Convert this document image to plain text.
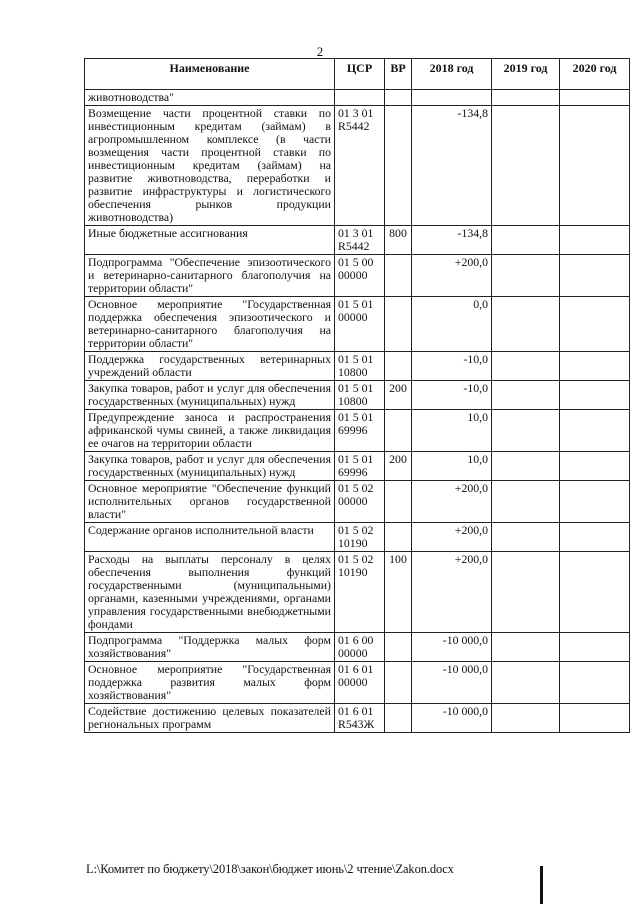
2
Наименование	ЦСР	ВР	2018 год	2019 год	2020 год
животноводства"					
Возмещение части процентной ставки по инвестиционным кредитам (займам) в агропромышленном комплексе (в части возмещения части процентной ставки по инвестиционным кредитам (займам) на развитие животноводства, переработки и развитие инфраструктуры и логистического обеспечения рынков продукции животноводства)	01 3 01 R5442		-134,8		
Иные бюджетные ассигнования	01 3 01 R5442	800	-134,8		
Подпрограмма "Обеспечение эпизоотического и ветеринарно-санитарного благополучия на территории области"	01 5 00 00000		+200,0		
Основное мероприятие "Государственная поддержка обеспечения эпизоотического и ветеринарно-санитарного благополучия на территории области"	01 5 01 00000		0,0		
Поддержка государственных ветеринарных учреждений области	01 5 01 10800		-10,0		
Закупка товаров, работ и услуг для обеспечения государственных (муниципальных) нужд	01 5 01 10800	200	-10,0		
Предупреждение заноса и распространения африканской чумы свиней, а также ликвидация ее очагов на территории области	01 5 01 69996		10,0		
Закупка товаров, работ и услуг для обеспечения государственных (муниципальных) нужд	01 5 01 69996	200	10,0		
Основное мероприятие "Обеспечение функций исполнительных органов государственной власти"	01 5 02 00000		+200,0		
Содержание органов исполнительной власти	01 5 02 10190		+200,0		
Расходы на выплаты персоналу в целях обеспечения выполнения функций государственными (муниципальными) органами, казенными учреждениями, органами управления государственными внебюджетными фондами	01 5 02 10190	100	+200,0		
Подпрограмма "Поддержка малых форм хозяйствования"	01 6 00 00000		-10 000,0		
Основное мероприятие "Государственная поддержка развития малых форм хозяйствования"	01 6 01 00000		-10 000,0		
Содействие достижению целевых показателей региональных программ	01 6 01 R543Ж		-10 000,0		
L:\Комитет по бюджету\2018\закон\бюджет июнь\2 чтение\Zakon.docx
